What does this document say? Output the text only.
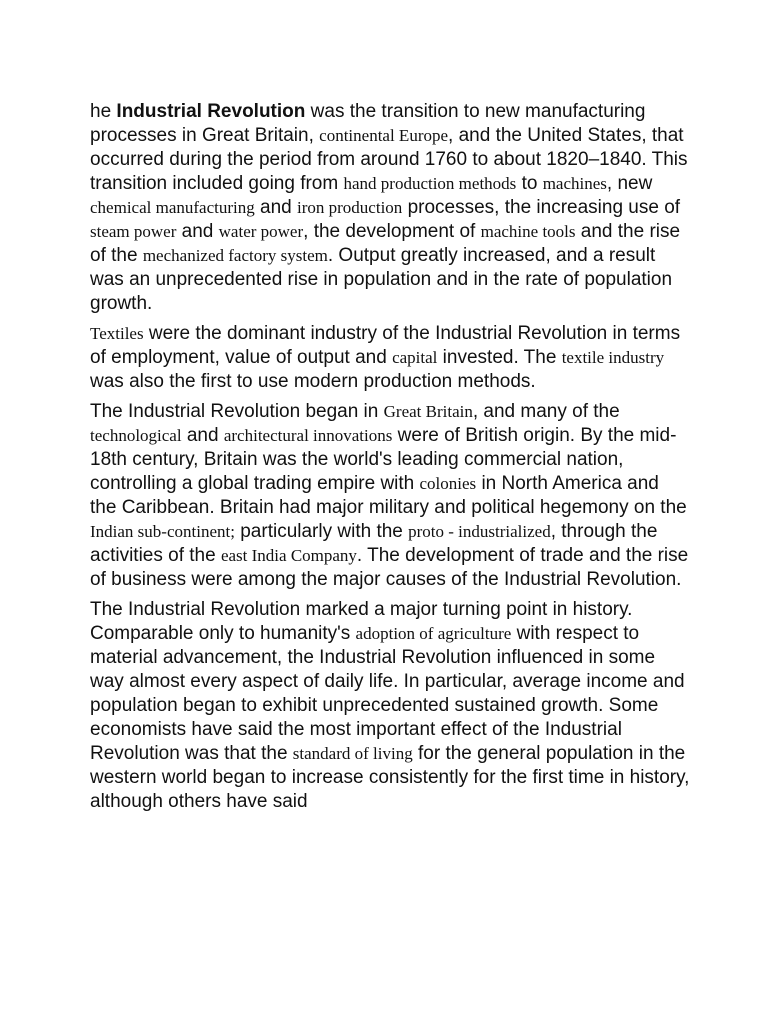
he Industrial Revolution was the transition to new manufacturing processes in Great Britain, continental Europe, and the United States, that occurred during the period from around 1760 to about 1820–1840. This transition included going from hand production methods to machines, new chemical manufacturing and iron production processes, the increasing use of steam power and water power, the development of machine tools and the rise of the mechanized factory system. Output greatly increased, and a result was an unprecedented rise in population and in the rate of population growth.

Textiles were the dominant industry of the Industrial Revolution in terms of employment, value of output and capital invested. The textile industry was also the first to use modern production methods.

The Industrial Revolution began in Great Britain, and many of the technological and architectural innovations were of British origin. By the mid-18th century, Britain was the world's leading commercial nation, controlling a global trading empire with colonies in North America and the Caribbean. Britain had major military and political hegemony on the Indian sub-continent; particularly with the proto - industrialized, through the activities of the east India Company. The development of trade and the rise of business were among the major causes of the Industrial Revolution.

The Industrial Revolution marked a major turning point in history. Comparable only to humanity's adoption of agriculture with respect to material advancement, the Industrial Revolution influenced in some way almost every aspect of daily life. In particular, average income and population began to exhibit unprecedented sustained growth. Some economists have said the most important effect of the Industrial Revolution was that the standard of living for the general population in the western world began to increase consistently for the first time in history, although others have said
